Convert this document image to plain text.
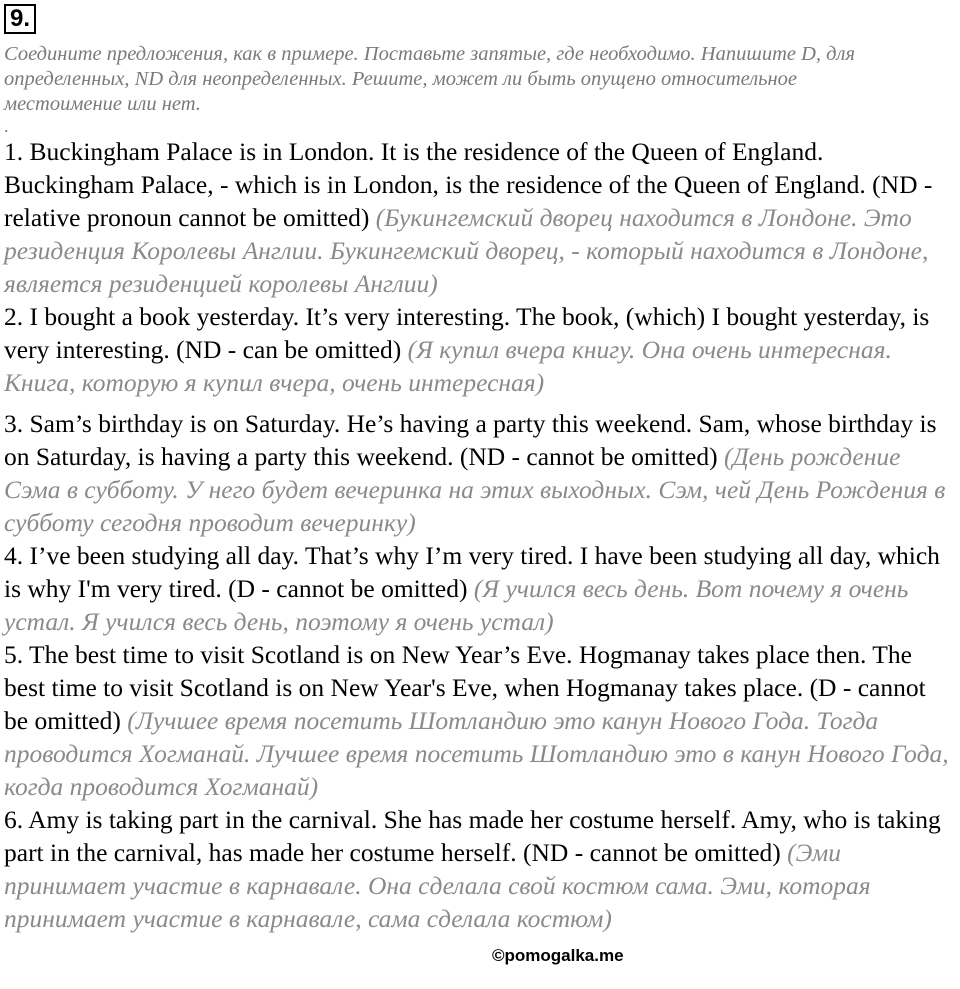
9.

Соедините предложения, как в примере. Поставьте запятые, где необходимо. Напишите D, для определенных, ND для неопределенных. Решите, может ли быть опущено относительное местоимение или нет.

.

1. Buckingham Palace is in London. It is the residence of the Queen of England. Buckingham Palace, - which is in London, is the residence of the Queen of England. (ND - relative pronoun cannot be omitted) (Букингемский дворец находится в Лондоне. Это резиденция Королевы Англии. Букингемский дворец, - который находится в Лондоне, является резиденцией королевы Англии)

2. I bought a book yesterday. It’s very interesting. The book, (which) I bought yesterday, is very interesting. (ND - can be omitted) (Я купил вчера книгу. Она очень интересная. Книга, которую я купил вчера, очень интересная)

3. Sam’s birthday is on Saturday. He’s having a party this weekend. Sam, whose birthday is on Saturday, is having a party this weekend. (ND - cannot be omitted) (День рождение Сэма в субботу. У него будет вечеринка на этих выходных. Сэм, чей День Рождения в субботу сегодня проводит вечеринку)

4. I’ve been studying all day. That’s why I’m very tired. I have been studying all day, which is why I'm very tired. (D - cannot be omitted) (Я учился весь день. Вот почему я очень устал. Я учился весь день, поэтому я очень устал)

5. The best time to visit Scotland is on New Year’s Eve. Hogmanay takes place then. The best time to visit Scotland is on New Year's Eve, when Hogmanay takes place. (D - cannot be omitted) (Лучшее время посетить Шотландию это канун Нового Года. Тогда проводится Хогманай. Лучшее время посетить Шотландию это в канун Нового Года, когда проводится Хогманай)

6. Amy is taking part in the carnival. She has made her costume herself. Amy, who is taking part in the carnival, has made her costume herself. (ND - cannot be omitted) (Эми принимает участие в карнавале. Она сделала свой костюм сама. Эми, которая принимает участие в карнавале, сама сделала костюм)

©pomogalka.me
